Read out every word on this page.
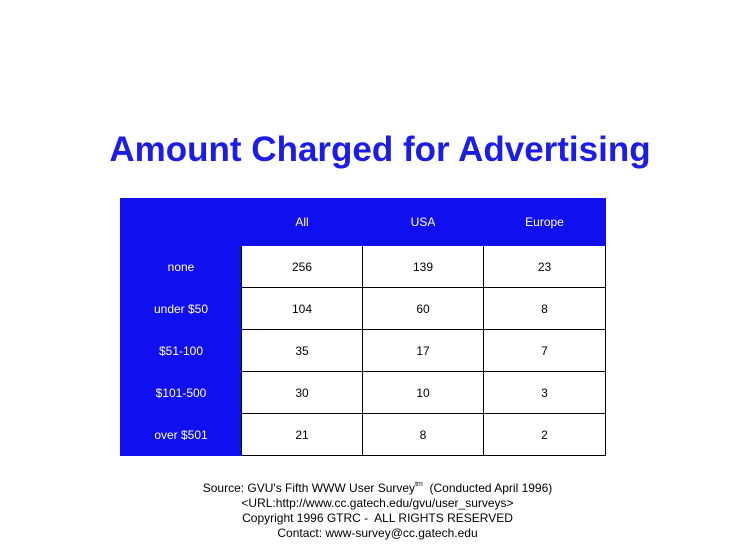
Amount Charged for Advertising
	All	USA	Europe
none	256	139	23
under $50	104	60	8
$51-100	35	17	7
$101-500	30	10	3
over $501	21	8	2
Source: GVU's Fifth WWW User Survey$^{tm}$  (Conducted April 1996)
<URL:http://www.cc.gatech.edu/gvu/user_surveys>
Copyright 1996 GTRC -  ALL RIGHTS RESERVED
Contact: www-survey@cc.gatech.edu
